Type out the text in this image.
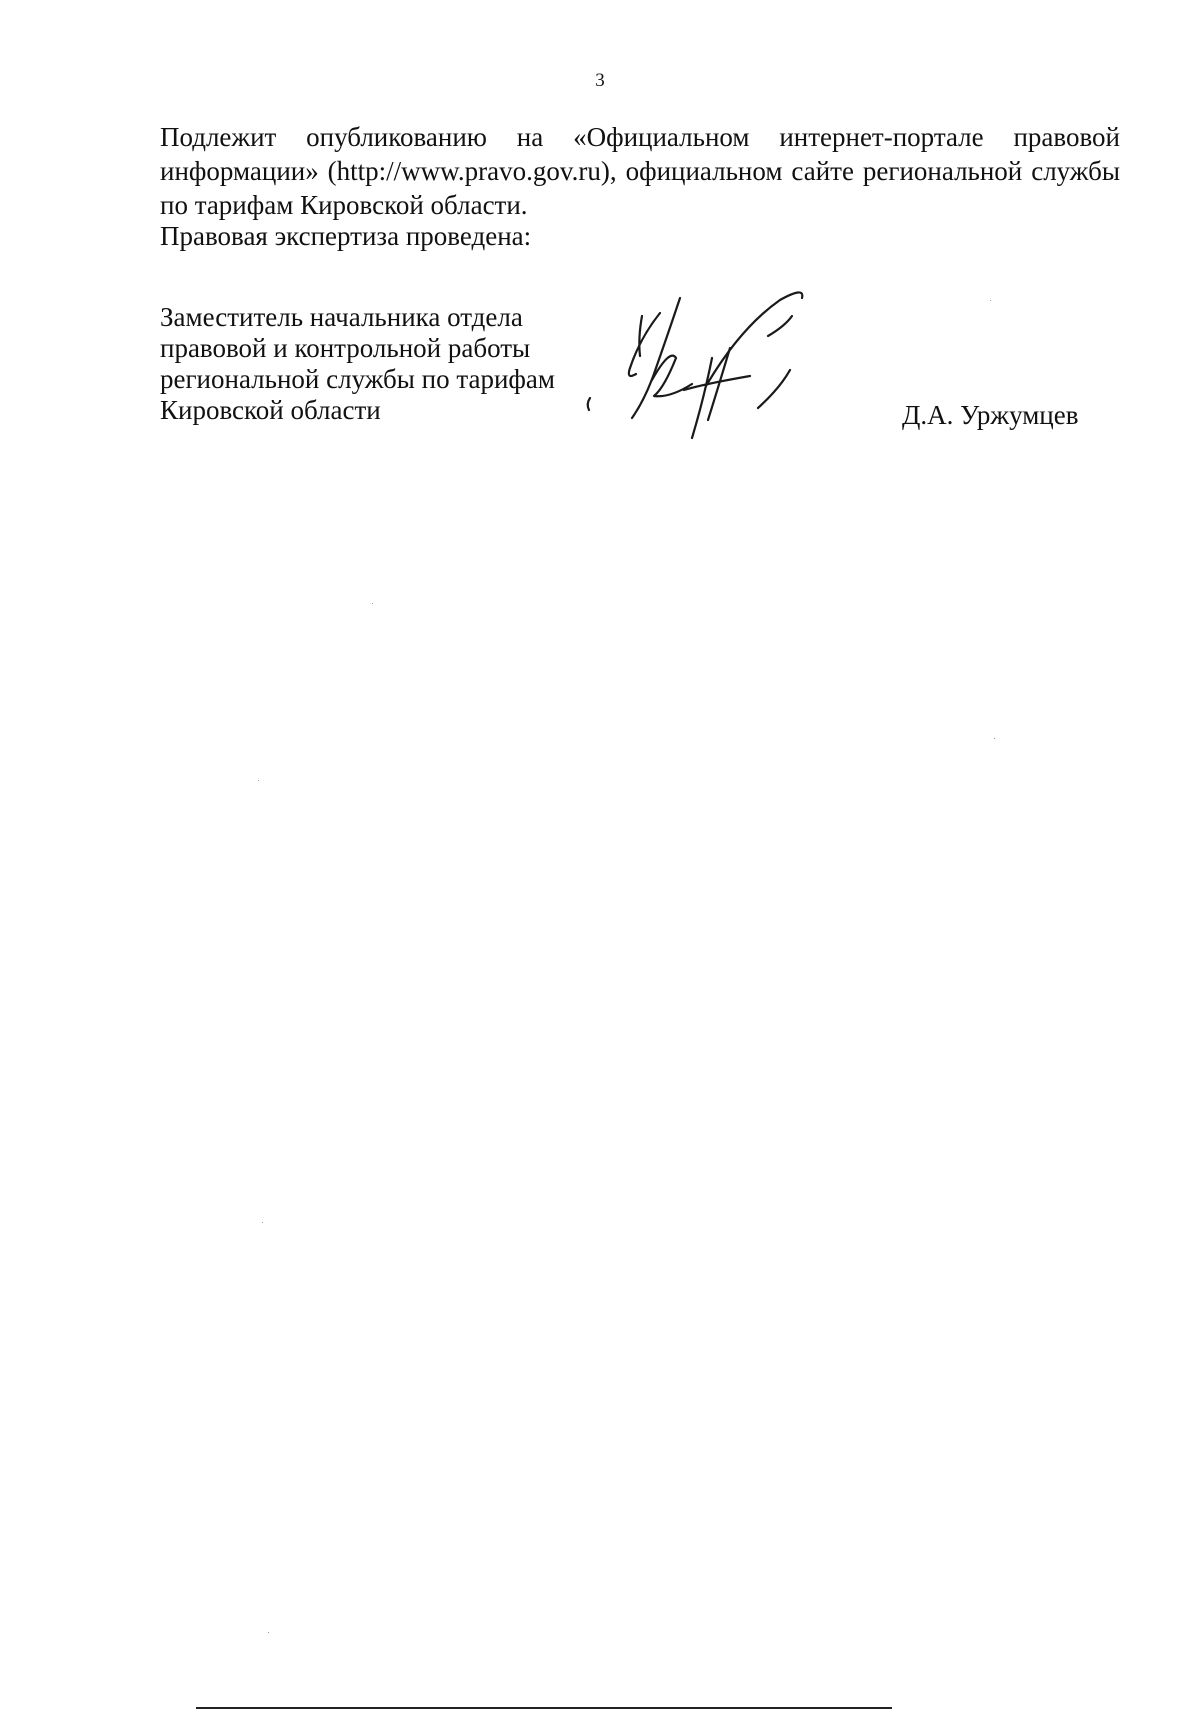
3

Подлежит опубликованию на «Официальном интернет-портале правовой информации» (http://www.pravo.gov.ru), официальном сайте региональной службы по тарифам Кировской области.

Правовая экспертиза проведена:

Заместитель начальника отдела
правовой и контрольной работы
региональной службы по тарифам
Кировской области	Д.А. Уржумцев
